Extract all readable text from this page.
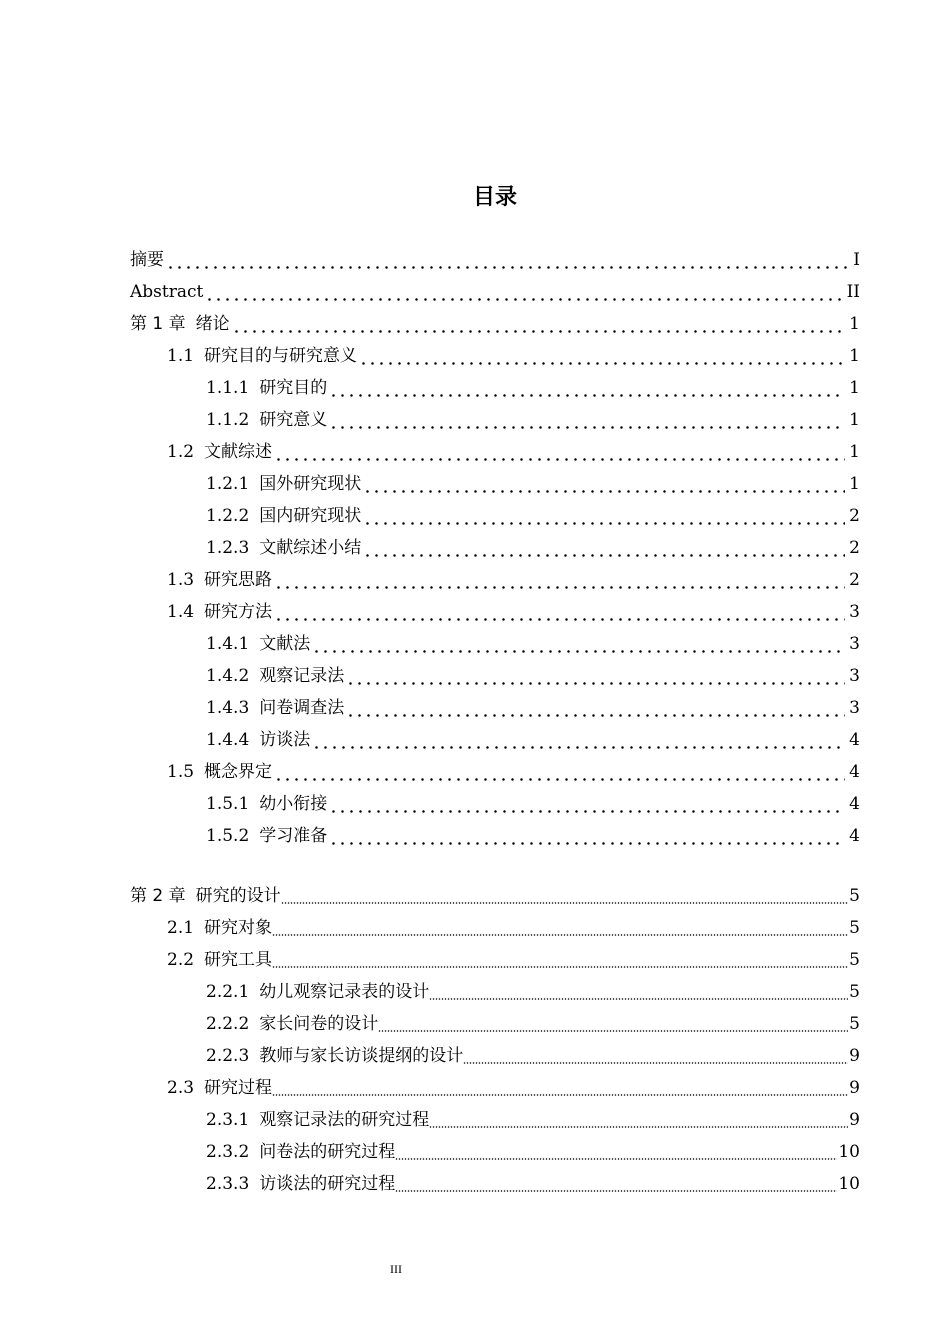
目录
摘要	I
Abstract	II
第 1 章 绪论	1
1.1 研究目的与研究意义	1
1.1.1 研究目的	1
1.1.2 研究意义	1
1.2 文献综述	1
1.2.1 国外研究现状	1
1.2.2 国内研究现状	2
1.2.3 文献综述小结	2
1.3 研究思路	2
1.4 研究方法	3
1.4.1 文献法	3
1.4.2 观察记录法	3
1.4.3 问卷调查法	3
1.4.4 访谈法	4
1.5 概念界定	4
1.5.1 幼小衔接	4
1.5.2 学习准备	4
第 2 章 研究的设计	5
2.1 研究对象	5
2.2 研究工具	5
2.2.1 幼儿观察记录表的设计	5
2.2.2 家长问卷的设计	5
2.2.3 教师与家长访谈提纲的设计	9
2.3 研究过程	9
2.3.1 观察记录法的研究过程	9
2.3.2 问卷法的研究过程	10
2.3.3 访谈法的研究过程	10
III
